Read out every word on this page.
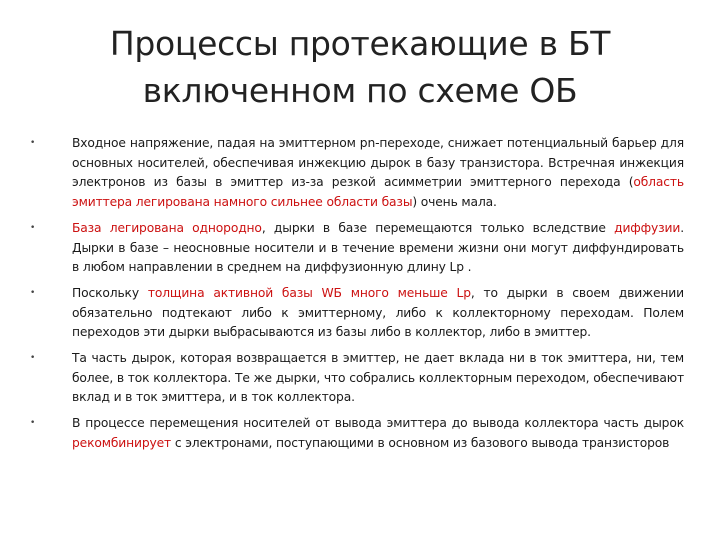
Процессы протекающие в БТ
включенном по схеме ОБ
•	Входное напряжение, падая на эмиттерном pn-переходе, снижает потенциальный барьер для основных носителей, обеспечивая инжекцию дырок в базу транзистора. Встречная инжекция электронов из базы в эмиттер из-за резкой асимметрии эмиттерного перехода (область эмиттера легирована намного сильнее области базы) очень мала.
•	База легирована однородно, дырки в базе перемещаются только вследствие диффузии. Дырки в базе – неосновные носители и в течение времени жизни они могут диффундировать в любом направлении в среднем на диффузионную длину Lp .
•	Поскольку толщина активной базы WБ много меньше Lp, то дырки в своем движении обязательно подтекают либо к эмиттерному, либо к коллекторному переходам. Полем переходов эти дырки выбрасываются из базы либо в коллектор, либо в эмиттер.
•	Та часть дырок, которая возвращается в эмиттер, не дает вклада ни в ток эмиттера, ни, тем более, в ток коллектора. Те же дырки, что собрались коллекторным переходом, обеспечивают вклад и в ток эмиттера, и в ток коллектора.
•	В процессе перемещения носителей от вывода эмиттера до вывода коллектора часть дырок рекомбинирует с электронами, поступающими в основном из базового вывода транзисторов
